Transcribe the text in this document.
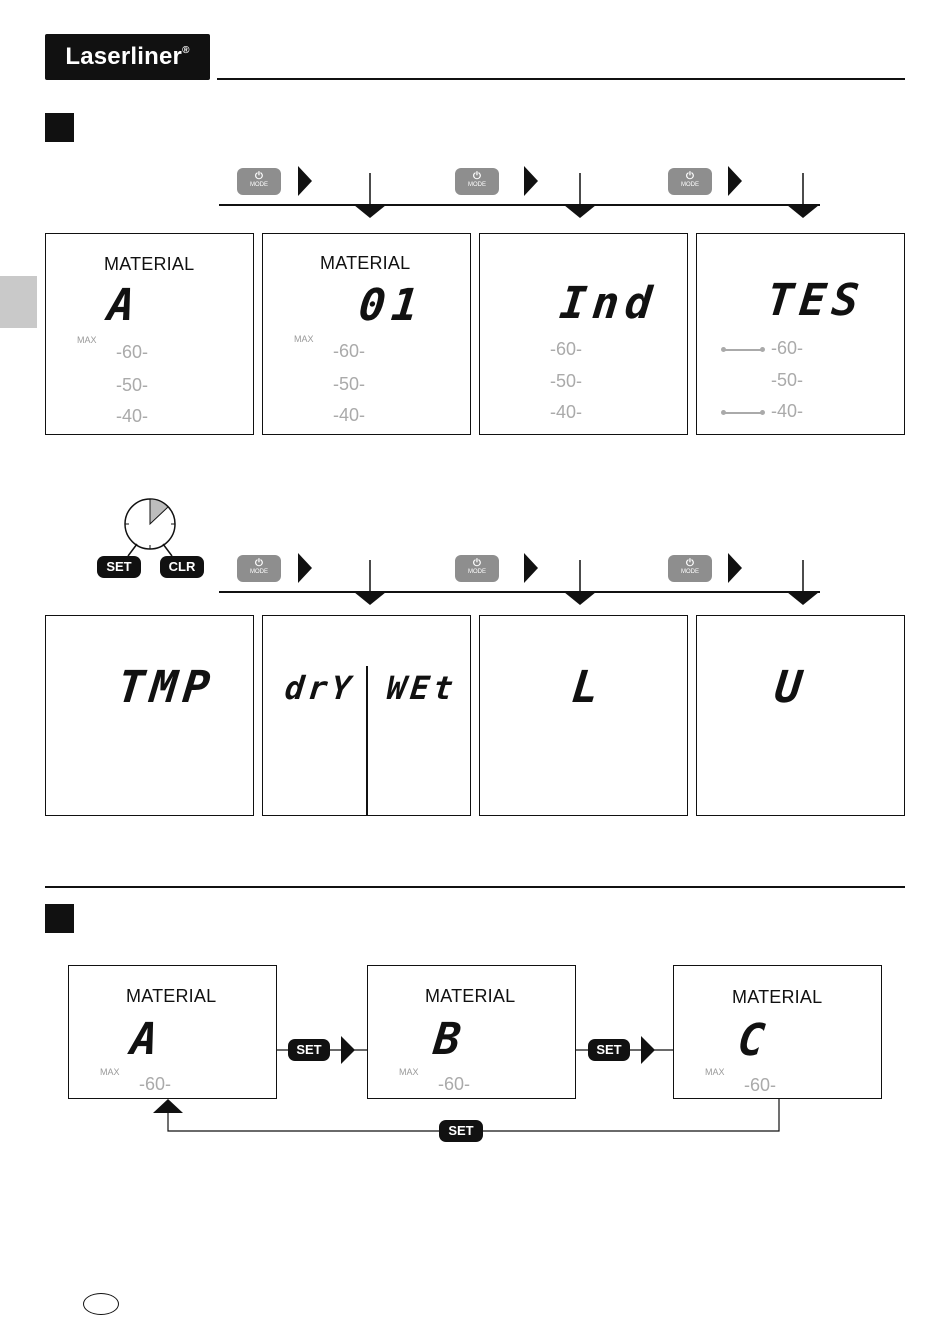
Laserliner®
⏻
MODE
⏻
MODE
⏻
MODE
MATERIAL
A
MAX
-60-
-50-
-40-
MATERIAL
01
MAX
-60-
-50-
-40-
Ind
-60-
-50-
-40-
TES
-60-
-50-
-40-
SET	CLR	⏻
MODE
⏻
MODE
⏻
MODE
TMP drY WEt	L	U
MATERIAL
A
MAX
-60-
MATERIAL
B
MAX
-60-
MATERIAL
C
MAX
-60-
SET	SET
SET
